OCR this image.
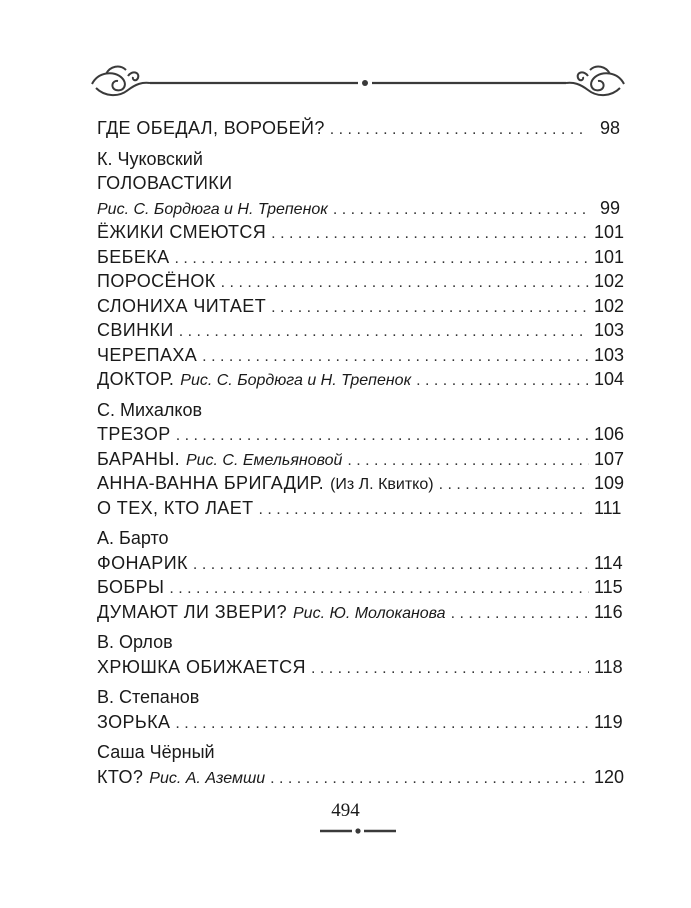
ГДЕ ОБЕДАЛ, ВОРОБЕЙ? . . .	98
К. Чуковский
ГОЛОВАСТИКИ
Рис. С. Бордюга и Н. Трепенок . . .	99
ЁЖИКИ СМЕЮТСЯ . . .	101
БЕБЕКА . . .	101
ПОРОСЁНОК . . .	102
СЛОНИХА ЧИТАЕТ . . .	102
СВИНКИ . . .	103
ЧЕРЕПАХА . . .	103
ДОКТОР. Рис. С. Бордюга и Н. Трепенок . . .	104
С. Михалков
ТРЕЗОР . . .	106
БАРАНЫ. Рис. С. Емельяновой . . .	107
АННА-ВАННА БРИГАДИР. (Из Л. Квитко) . . .	109
О ТЕХ, КТО ЛАЕТ . . .	111
А. Барто
ФОНАРИК . . .	114
БОБРЫ . . .	115
ДУМАЮТ ЛИ ЗВЕРИ? Рис. Ю. Молоканова . . .	116
В. Орлов
ХРЮШКА ОБИЖАЕТСЯ . . .	118
В. Степанов
ЗОРЬКА . . .	119
Саша Чёрный
КТО? Рис. А. Аземши . . .	120
494
